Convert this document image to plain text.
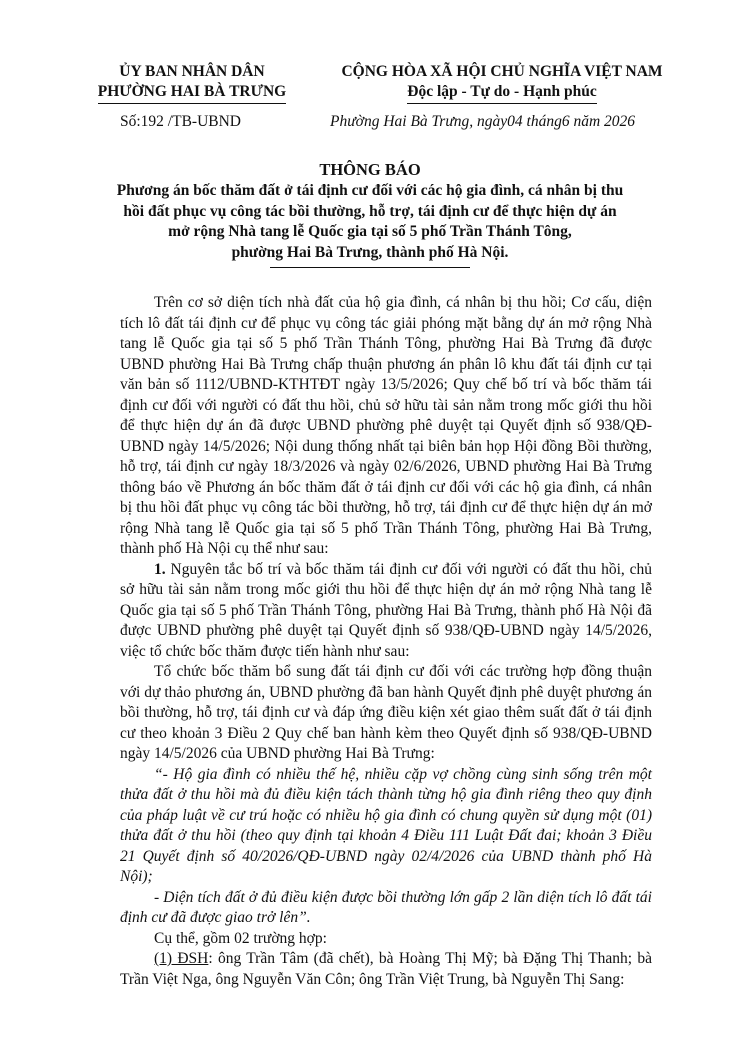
ỦY BAN NHÂN DÂN
PHƯỜNG HAI BÀ TRƯNG
CỘNG HÒA XÃ HỘI CHỦ NGHĨA VIỆT NAM
Độc lập - Tự do - Hạnh phúc
Số:192 /TB-UBND	Phường Hai Bà Trưng, ngày04 tháng6 năm 2026
THÔNG BÁO
Phương án bốc thăm đất ở tái định cư đối với các hộ gia đình, cá nhân bị thu
hồi đất phục vụ công tác bồi thường, hỗ trợ, tái định cư để thực hiện dự án
mở rộng Nhà tang lễ Quốc gia tại số 5 phố Trần Thánh Tông,
phường Hai Bà Trưng, thành phố Hà Nội.

Trên cơ sở diện tích nhà đất của hộ gia đình, cá nhân bị thu hồi; Cơ cấu, diện tích lô đất tái định cư để phục vụ công tác giải phóng mặt bằng dự án mở rộng Nhà tang lễ Quốc gia tại số 5 phố Trần Thánh Tông, phường Hai Bà Trưng đã được UBND phường Hai Bà Trưng chấp thuận phương án phân lô khu đất tái định cư tại văn bản số 1112/UBND-KTHTĐT ngày 13/5/2026; Quy chế bố trí và bốc thăm tái định cư đối với người có đất thu hồi, chủ sở hữu tài sản nằm trong mốc giới thu hồi để thực hiện dự án đã được UBND phường phê duyệt tại Quyết định số 938/QĐ-UBND ngày 14/5/2026; Nội dung thống nhất tại biên bản họp Hội đồng Bồi thường, hỗ trợ, tái định cư ngày 18/3/2026 và ngày 02/6/2026, UBND phường Hai Bà Trưng thông báo về Phương án bốc thăm đất ở tái định cư đối với các hộ gia đình, cá nhân bị thu hồi đất phục vụ công tác bồi thường, hỗ trợ, tái định cư để thực hiện dự án mở rộng Nhà tang lễ Quốc gia tại số 5 phố Trần Thánh Tông, phường Hai Bà Trưng, thành phố Hà Nội cụ thể như sau:

1. Nguyên tắc bố trí và bốc thăm tái định cư đối với người có đất thu hồi, chủ sở hữu tài sản nằm trong mốc giới thu hồi để thực hiện dự án mở rộng Nhà tang lễ Quốc gia tại số 5 phố Trần Thánh Tông, phường Hai Bà Trưng, thành phố Hà Nội đã được UBND phường phê duyệt tại Quyết định số 938/QĐ-UBND ngày 14/5/2026, việc tổ chức bốc thăm được tiến hành như sau:

Tổ chức bốc thăm bổ sung đất tái định cư đối với các trường hợp đồng thuận với dự thảo phương án, UBND phường đã ban hành Quyết định phê duyệt phương án bồi thường, hỗ trợ, tái định cư và đáp ứng điều kiện xét giao thêm suất đất ở tái định cư theo khoản 3 Điều 2 Quy chế ban hành kèm theo Quyết định số 938/QĐ-UBND ngày 14/5/2026 của UBND phường Hai Bà Trưng:

“- Hộ gia đình có nhiều thế hệ, nhiều cặp vợ chồng cùng sinh sống trên một thửa đất ở thu hồi mà đủ điều kiện tách thành từng hộ gia đình riêng theo quy định của pháp luật về cư trú hoặc có nhiều hộ gia đình có chung quyền sử dụng một (01) thửa đất ở thu hồi (theo quy định tại khoản 4 Điều 111 Luật Đất đai; khoản 3 Điều 21 Quyết định số 40/2026/QĐ-UBND ngày 02/4/2026 của UBND thành phố Hà Nội);

- Diện tích đất ở đủ điều kiện được bồi thường lớn gấp 2 lần diện tích lô đất tái định cư đã được giao trở lên”.

Cụ thể, gồm 02 trường hợp:

(1) ĐSH: ông Trần Tâm (đã chết), bà Hoàng Thị Mỹ; bà Đặng Thị Thanh; bà Trần Việt Nga, ông Nguyễn Văn Côn; ông Trần Việt Trung, bà Nguyễn Thị Sang:
